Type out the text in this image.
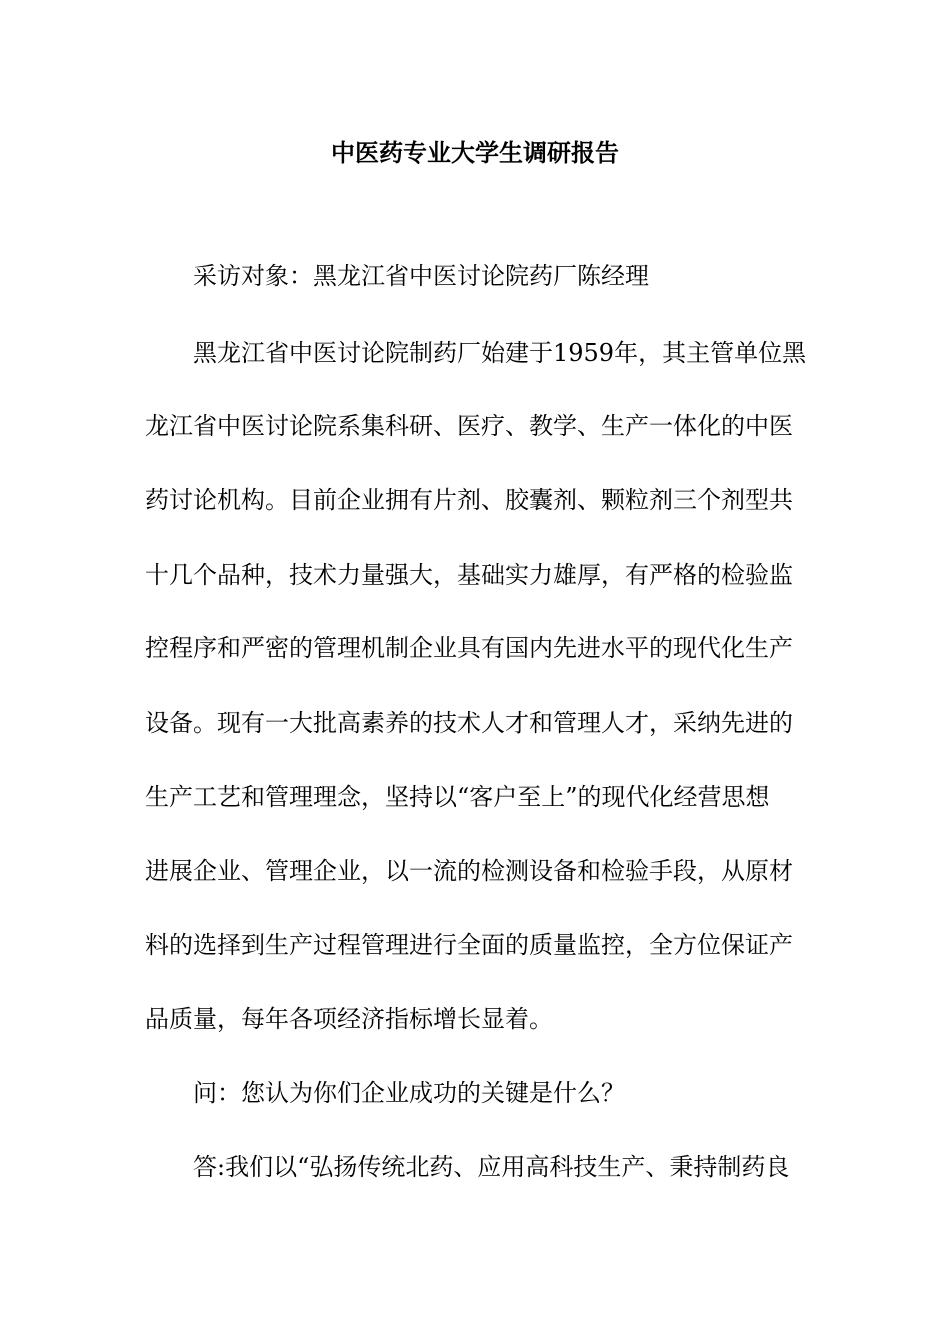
中医药专业大学生调研报告
采访对象：黑龙江省中医讨论院药厂陈经理
黑龙江省中医讨论院制药厂始建于1959年，其主管单位黑
龙江省中医讨论院系集科研、医疗、教学、生产一体化的中医
药讨论机构。目前企业拥有片剂、胶囊剂、颗粒剂三个剂型共
十几个品种，技术力量强大，基础实力雄厚，有严格的检验监
控程序和严密的管理机制企业具有国内先进水平的现代化生产
设备。现有一大批高素养的技术人才和管理人才，采纳先进的
生产工艺和管理理念，坚持以“客户至上”的现代化经营思想
进展企业、管理企业，以一流的检测设备和检验手段，从原材
料的选择到生产过程管理进行全面的质量监控，全方位保证产
品质量，每年各项经济指标增长显着。
问：您认为你们企业成功的关键是什么？
答:我们以“弘扬传统北药、应用高科技生产、秉持制药良
